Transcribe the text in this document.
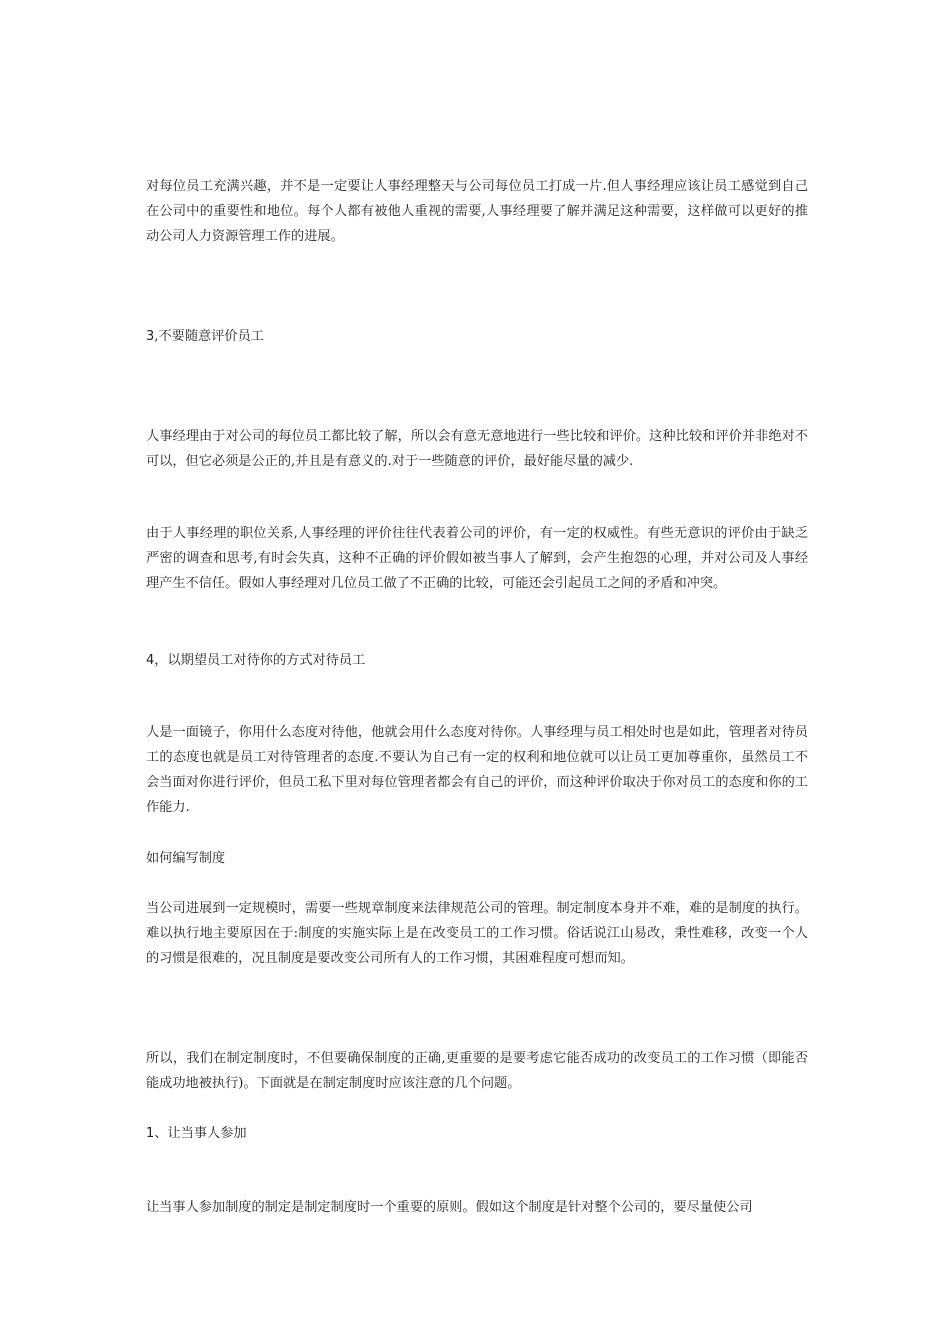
对每位员工充满兴趣，并不是一定要让人事经理整天与公司每位员工打成一片.但人事经理应该让员工感觉到自己在公司中的重要性和地位。每个人都有被他人重视的需要,人事经理要了解并满足这种需要，这样做可以更好的推动公司人力资源管理工作的进展。

3,不要随意评价员工

人事经理由于对公司的每位员工都比较了解，所以会有意无意地进行一些比较和评价。这种比较和评价并非绝对不可以，但它必须是公正的,并且是有意义的.对于一些随意的评价，最好能尽量的减少.

由于人事经理的职位关系,人事经理的评价往往代表着公司的评价，有一定的权威性。有些无意识的评价由于缺乏严密的调查和思考,有时会失真，这种不正确的评价假如被当事人了解到，会产生抱怨的心理，并对公司及人事经理产生不信任。假如人事经理对几位员工做了不正确的比较，可能还会引起员工之间的矛盾和冲突。

4，以期望员工对待你的方式对待员工

人是一面镜子，你用什么态度对待他，他就会用什么态度对待你。人事经理与员工相处时也是如此，管理者对待员工的态度也就是员工对待管理者的态度.不要认为自己有一定的权利和地位就可以让员工更加尊重你，虽然员工不会当面对你进行评价，但员工私下里对每位管理者都会有自己的评价，而这种评价取决于你对员工的态度和你的工作能力.

如何编写制度

当公司进展到一定规模时，需要一些规章制度来法律规范公司的管理。制定制度本身并不难，难的是制度的执行。难以执行地主要原因在于:制度的实施实际上是在改变员工的工作习惯。俗话说江山易改，秉性难移，改变一个人的习惯是很难的，况且制度是要改变公司所有人的工作习惯，其困难程度可想而知。

所以，我们在制定制度时，不但要确保制度的正确,更重要的是要考虑它能否成功的改变员工的工作习惯（即能否能成功地被执行)。下面就是在制定制度时应该注意的几个问题。

1、让当事人参加

让当事人参加制度的制定是制定制度时一个重要的原则。假如这个制度是针对整个公司的，要尽量使公司
